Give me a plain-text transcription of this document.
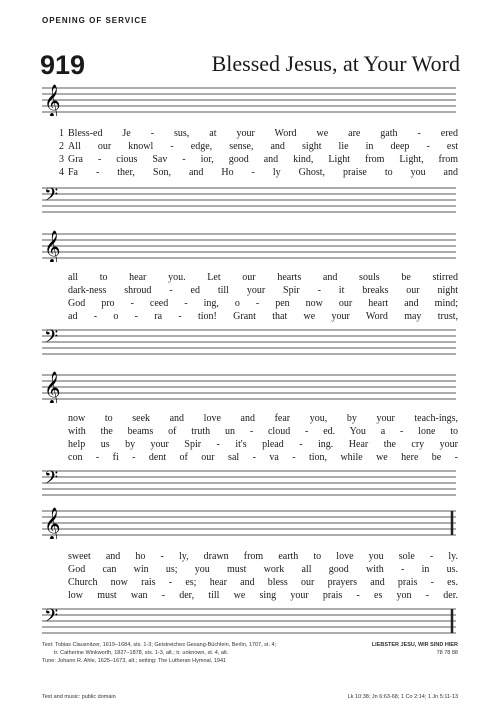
OPENING OF SERVICE
919	Blessed Jesus, at Your Word
𝄞
1 Bless-ed Je - sus, at your Word we are gath - ered
2 All our knowl - edge, sense, and sight lie in deep - est
3 Gra - cious Sav - ior, good and kind, Light from Light, from
4 Fa - ther, Son, and Ho - ly Ghost, praise to you and
𝄢
𝄞
all to hear you. Let our hearts and souls be stirred
dark-ness shroud - ed till your Spir - it breaks our night
God pro - ceed - ing, o - pen now our heart and mind;
ad - o - ra - tion! Grant that we your Word may trust,
𝄢
𝄞
now to seek and love and fear you, by your teach-ings,
with the beams of truth un - cloud - ed. You a - lone to
help us by your Spir - it's plead - ing. Hear the cry your
con - fi - dent of our sal - va - tion, while we here be -
𝄢
𝄞
sweet and ho - ly, drawn from earth to love you sole - ly.
God can win us; you must work all good with - in us.
Church now rais - es; hear and bless our prayers and prais - es.
low must wan - der, till we sing your prais - es yon - der.
𝄢
Text: Tobias Clausnitzer, 1619–1684, sts. 1-3; Geistreiches Gesang-Büchlein, Berlin, 1707, st. 4;
tr. Catherine Winkworth, 1827–1878, sts. 1-3, alt.; tr. unknown, st. 4, alt.
Tune: Johann R. Ahle, 1625–1673, alt.; setting: The Lutheran Hymnal, 1941
LIEBSTER JESU, WIR SIND HIER
78 78 88
Text and music: public domain	Lk 10:38; Jn 6:63-68; 1 Co 2:14; 1 Jn 5:11-13
